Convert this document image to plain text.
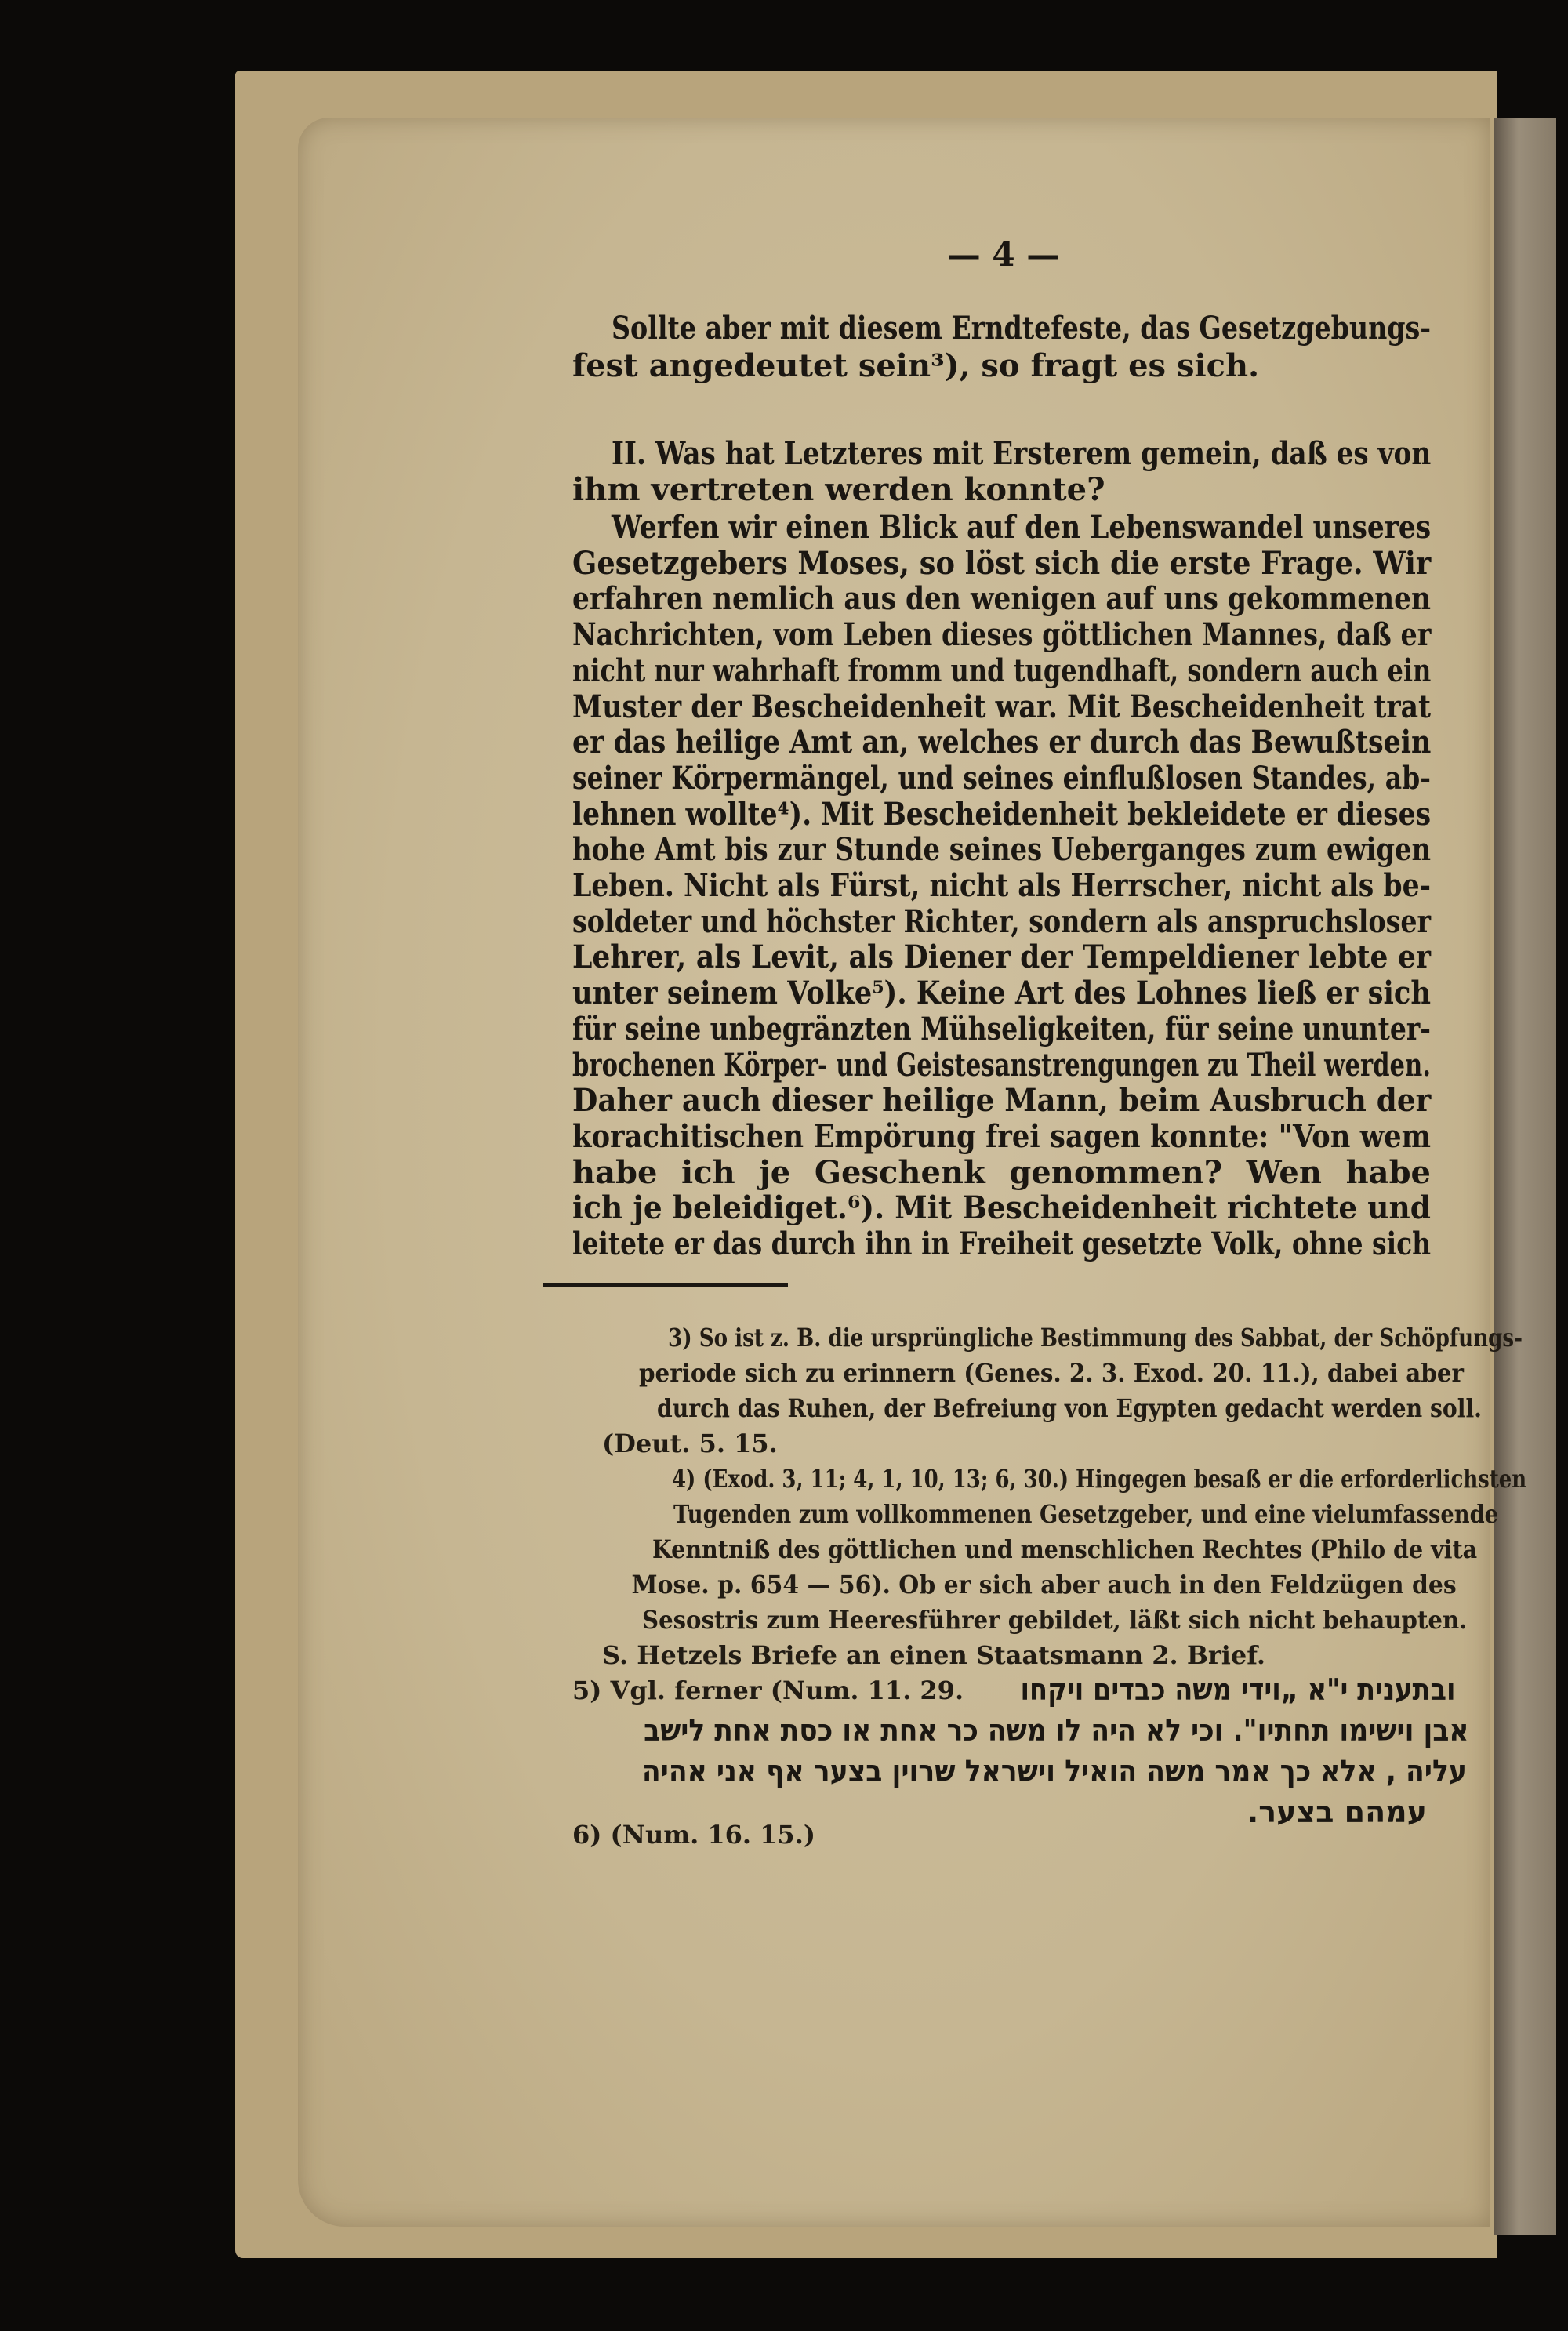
— 4 —
Sollte aber mit diesem Erndtefeste, das Gesetzgebungs-
fest angedeutet sein³), so fragt es sich.
II. Was hat Letzteres mit Ersterem gemein, daß es von
ihm vertreten werden konnte?
Werfen wir einen Blick auf den Lebenswandel unseres
Gesetzgebers Moses, so löst sich die erste Frage. Wir
erfahren nemlich aus den wenigen auf uns gekommenen
Nachrichten, vom Leben dieses göttlichen Mannes, daß er
nicht nur wahrhaft fromm und tugendhaft, sondern auch ein
Muster der Bescheidenheit war. Mit Bescheidenheit trat
er das heilige Amt an, welches er durch das Bewußtsein
seiner Körpermängel, und seines einflußlosen Standes, ab-
lehnen wollte⁴). Mit Bescheidenheit bekleidete er dieses
hohe Amt bis zur Stunde seines Ueberganges zum ewigen
Leben. Nicht als Fürst, nicht als Herrscher, nicht als be-
soldeter und höchster Richter, sondern als anspruchsloser
Lehrer, als Levit, als Diener der Tempeldiener lebte er
unter seinem Volke⁵). Keine Art des Lohnes ließ er sich
für seine unbegränzten Mühseligkeiten, für seine ununter-
brochenen Körper- und Geistesanstrengungen zu Theil werden.
Daher auch dieser heilige Mann, beim Ausbruch der
korachitischen Empörung frei sagen konnte: "Von wem
habe ich je Geschenk genommen? Wen habe
ich je beleidiget.⁶). Mit Bescheidenheit richtete und
leitete er das durch ihn in Freiheit gesetzte Volk, ohne sich
3) So ist z. B. die ursprüngliche Bestimmung des Sabbat, der Schöpfungs-
periode sich zu erinnern (Genes. 2. 3. Exod. 20. 11.), dabei aber
durch das Ruhen, der Befreiung von Egypten gedacht werden soll.
(Deut. 5. 15.
4) (Exod. 3, 11; 4, 1, 10, 13; 6, 30.) Hingegen besaß er die erforderlichsten
Tugenden zum vollkommenen Gesetzgeber, und eine vielumfassende
Kenntniß des göttlichen und menschlichen Rechtes (Philo de vita
Mose. p. 654 — 56). Ob er sich aber auch in den Feldzügen des
Sesostris zum Heeresführer gebildet, läßt sich nicht behaupten.
S. Hetzels Briefe an einen Staatsmann 2. Brief.
5) Vgl. ferner (Num. 11. 29.	ובתענית י"א „וידי משה כבדים ויקחו
אבן וישימו תחתיו". וכי לא היה לו משה כר אחת או כסת אחת לישב
עליה , אלא כך אמר משה הואיל וישראל שרוין בצער אף אני אהיה
עמהם בצער.
6) (Num. 16. 15.)
